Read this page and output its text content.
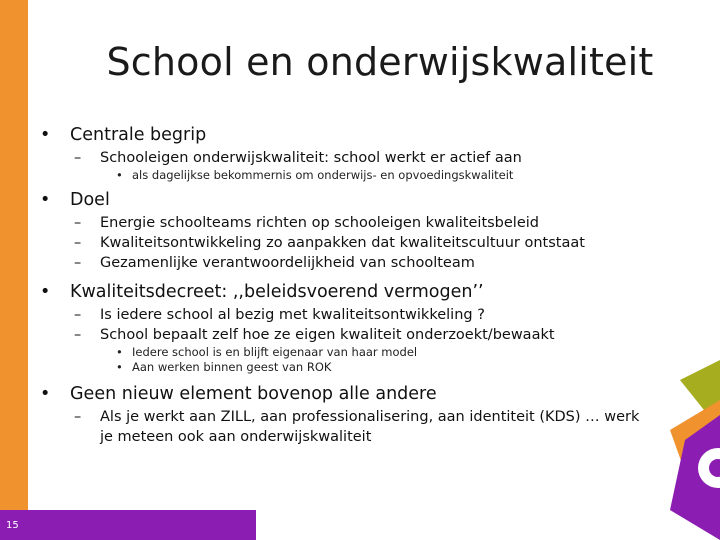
School en onderwijskwaliteit
• Centrale begrip
– Schooleigen onderwijskwaliteit: school werkt er actief aan
• als dagelijkse bekommernis om onderwijs- en opvoedingskwaliteit
• Doel
– Energie schoolteams richten op schooleigen kwaliteitsbeleid
– Kwaliteitsontwikkeling zo aanpakken dat kwaliteitscultuur ontstaat
– Gezamenlijke verantwoordelijkheid van schoolteam
• Kwaliteitsdecreet: ,,beleidsvoerend vermogen’’
– Is iedere school al bezig met kwaliteitsontwikkeling ?
– School bepaalt zelf hoe ze eigen kwaliteit onderzoekt/bewaakt
• Iedere school is en blijft eigenaar van haar model
• Aan werken binnen geest van ROK
• Geen nieuw element bovenop alle andere
– Als je werkt aan ZILL, aan professionalisering, aan identiteit (KDS) … werk je meteen ook aan onderwijskwaliteit
15
